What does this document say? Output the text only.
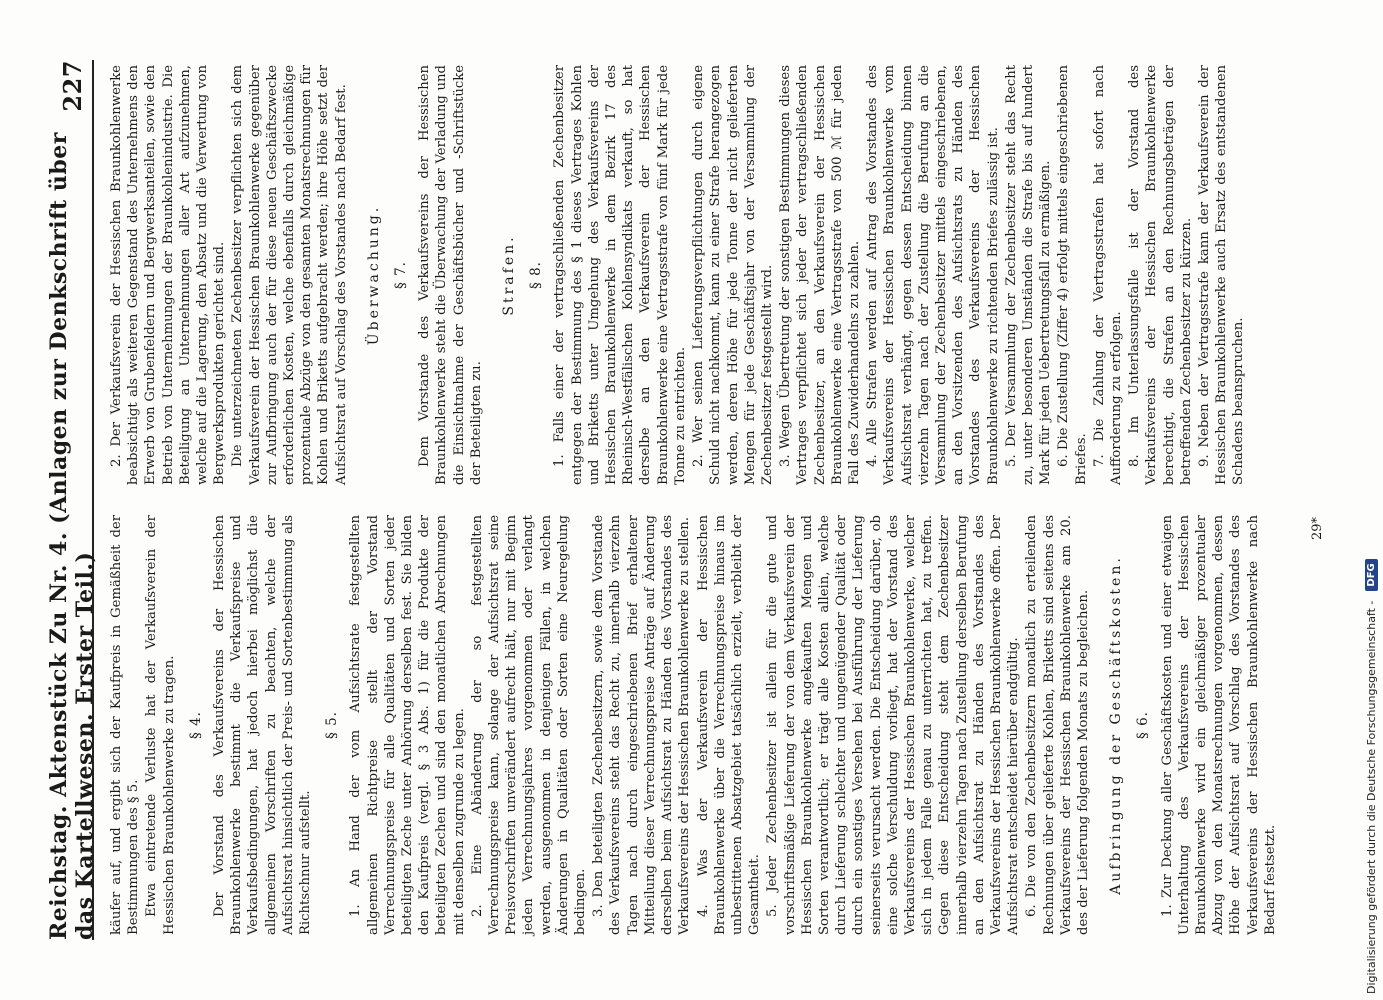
Reichstag. Aktenstück Zu Nr. 4. (Anlagen zur Denkschrift über das Kartellwesen. Erster Teil.)
227

käufer auf, und ergibt sich der Kaufpreis in Gemäßheit der Bestimmungen des § 5. Etwa eintretende Verluste hat der Verkaufsverein der Hessischen Braunkohlenwerke zu tragen. § 4. Der Vorstand des Verkaufsvereins der Hessischen Braunkohlenwerke bestimmt die Verkaufspreise und Verkaufsbedingungen, hat jedoch hierbei möglichst die allgemeinen Vorschriften zu beachten, welche der Aufsichtsrat hinsichtlich der Preis- und Sortenbestimmung als Richtschnur aufstellt.

§ 5. 1. An Hand der vom Aufsichtsrate festgestellten allgemeinen Richtpreise stellt der Vorstand Verrechnungspreise für alle Qualitäten und Sorten jeder beteiligten Zeche unter Anhörung derselben fest. Sie bilden den Kaufpreis (vergl. § 3 Abs. 1) für die Produkte der beteiligten Zechen und sind den monatlichen Abrechnungen mit denselben zugrunde zu legen. 2. Eine Abänderung der so festgestellten Verrechnungspreise kann, solange der Aufsichtsrat seine Preisvorschriften unverändert aufrecht hält, nur mit Beginn jeden Verrechnungsjahres vorgenommen oder verlangt werden, ausgenommen in denjenigen Fällen, in welchen Änderungen in Qualitäten oder Sorten eine Neuregelung bedingen. 3. Den beteiligten Zechenbesitzern, sowie dem Vorstande des Verkaufsvereins steht das Recht zu, innerhalb vierzehn Tagen nach durch eingeschriebenen Brief erhaltener Mitteilung dieser Verrechnungspreise Anträge auf Änderung derselben beim Aufsichtsrat zu Händen des Vorstandes des Verkaufsvereins der Hessischen Braunkohlenwerke zu stellen. 4. Was der Verkaufsverein der Hessischen Braunkohlenwerke über die Verrechnungspreise hinaus im unbestrittenen Absatzgebiet tatsächlich erzielt, verbleibt der Gesamtheit. 5. Jeder Zechenbesitzer ist allein für die gute und vorschriftsmäßige Lieferung der von dem Verkaufsverein der Hessischen Braunkohlenwerke angekauften Mengen und Sorten verantwortlich; er trägt alle Kosten allein, welche durch Lieferung schlechter und ungenügender Qualität oder durch ein sonstiges Versehen bei Ausführung der Lieferung seinerseits verursacht werden. Die Entscheidung darüber, ob eine solche Verschuldung vorliegt, hat der Vorstand des Verkaufsvereins der Hessischen Braunkohlenwerke, welcher sich in jedem Falle genau zu unterrichten hat, zu treffen. Gegen diese Entscheidung steht dem Zechenbesitzer innerhalb vierzehn Tagen nach Zustellung derselben Berufung an den Aufsichtsrat zu Händen des Vorstandes des Verkaufsvereins der Hessischen Braunkohlenwerke offen. Der Aufsichtsrat entscheidet hierüber endgültig. 6. Die von den Zechenbesitzern monatlich zu erteilenden Rechnungen über gelieferte Kohlen, Briketts sind seitens des Verkaufsvereins der Hessischen Braunkohlenwerke am 20. des der Lieferung folgenden Monats zu begleichen. Aufbringung der Geschäftskosten. § 6. 1. Zur Deckung aller Geschäftskosten und einer etwaigen Unterhaltung des Verkaufsvereins der Hessischen Braunkohlenwerke wird ein gleichmäßiger prozentualer Abzug von den Monatsrechnungen vorgenommen, dessen Höhe der Aufsichtsrat auf Vorschlag des Vorstandes des Verkaufsvereins der Hessischen Braunkohlenwerke nach Bedarf festsetzt.

2. Der Verkaufsverein der Hessischen Braunkohlenwerke beabsichtigt als weiteren Gegenstand des Unternehmens den Erwerb von Grubenfeldern und Bergwerksanteilen, sowie den Betrieb von Unternehmungen der Braunkohlenindustrie. Die Beteiligung an Unternehmungen aller Art aufzunehmen, welche auf die Lagerung, den Absatz und die Verwertung von Bergwerksprodukten gerichtet sind. Die unterzeichneten Zechenbesitzer verpflichten sich dem Verkaufsverein der Hessischen Braunkohlenwerke gegenüber zur Aufbringung auch der für diese neuen Geschäftszwecke erforderlichen Kosten, welche ebenfalls durch gleichmäßige prozentuale Abzüge von den gesamten Monatsrechnungen für Kohlen und Briketts aufgebracht werden; ihre Höhe setzt der Aufsichtsrat auf Vorschlag des Vorstandes nach Bedarf fest. Überwachung. § 7. Dem Vorstande des Verkaufsvereins der Hessischen Braunkohlenwerke steht die Überwachung der Verladung und die Einsichtnahme der Geschäftsbücher und -Schriftstücke der Beteiligten zu.

Strafen. § 8. 1. Falls einer der vertragschließenden Zechenbesitzer entgegen der Bestimmung des § 1 dieses Vertrages Kohlen und Briketts unter Umgehung des Verkaufsvereins der Hessischen Braunkohlenwerke in dem Bezirk 17 des Rheinisch-Westfälischen Kohlensyndikats verkauft, so hat derselbe an den Verkaufsverein der Hessischen Braunkohlenwerke eine Vertragsstrafe von fünf Mark für jede Tonne zu entrichten. 2. Wer seinen Lieferungsverpflichtungen durch eigene Schuld nicht nachkommt, kann zu einer Strafe herangezogen werden, deren Höhe für jede Tonne der nicht gelieferten Mengen für jede Geschäftsjahr von der Versammlung der Zechenbesitzer festgestellt wird. 3. Wegen Übertretung der sonstigen Bestimmungen dieses Vertrages verpflichtet sich jeder der vertragschließenden Zechenbesitzer, an den Verkaufsverein der Hessischen Braunkohlenwerke eine Vertragsstrafe von 500 ℳ für jeden Fall des Zuwiderhandelns zu zahlen. 4. Alle Strafen werden auf Antrag des Vorstandes des Verkaufsvereins der Hessischen Braunkohlenwerke vom Aufsichtsrat verhängt, gegen dessen Entscheidung binnen vierzehn Tagen nach der Zustellung die Berufung an die Versammlung der Zechenbesitzer mittels eingeschriebenen, an den Vorsitzenden des Aufsichtsrats zu Händen des Vorstandes des Verkaufsvereins der Hessischen Braunkohlenwerke zu richtenden Briefes zulässig ist. 5. Der Versammlung der Zechenbesitzer steht das Recht zu, unter besonderen Umständen die Strafe bis auf hundert Mark für jeden Uebertretungsfall zu ermäßigen. 6. Die Zustellung (Ziffer 4) erfolgt mittels eingeschriebenen Briefes. 7. Die Zahlung der Vertragsstrafen hat sofort nach Aufforderung zu erfolgen. 8. Im Unterlassungsfalle ist der Vorstand des Verkaufsvereins der Hessischen Braunkohlenwerke berechtigt, die Strafen an den Rechnungsbeträgen der betreffenden Zechenbesitzer zu kürzen. 9. Neben der Vertragsstrafe kann der Verkaufsverein der Hessischen Braunkohlenwerke auch Ersatz des entstandenen Schadens beanspruchen.

29*
Digitalisierung gefördert durch die Deutsche Forschungsgemeinschaft -
DFG
